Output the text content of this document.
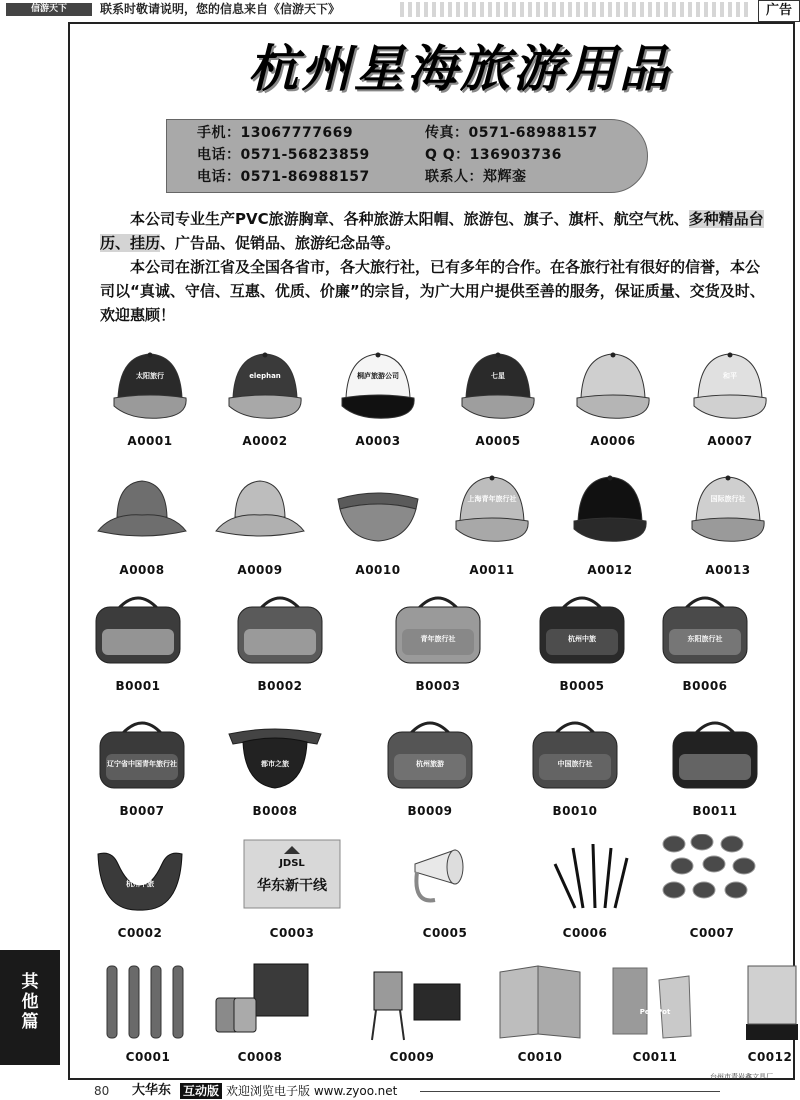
信游天下	联系时敬请说明，您的信息来自《信游天下》	广告
杭州星海旅游用品
手机：13067777669	传真：0571-68988157
电话：0571-56823859	Q Q：136903736
电话：0571-86988157	联系人：郑辉銮

本公司专业生产PVC旅游胸章、各种旅游太阳帽、旅游包、旗子、旗杆、航空气枕、多种精品台历、挂历、广告品、促销品、旅游纪念品等。

本公司在浙江省及全国各省市，各大旅行社，已有多年的合作。在各旅行社有很好的信誉，本公司以“真诚、守信、互惠、优质、价廉”的宗旨，为广大用户提供至善的服务，保证质量、交货及时、欢迎惠顾！

太阳旅行
A0001
elephan
A0002
桐庐旅游公司
A0003
七星
A0005	A0006
和平
A0007
A0008	A0009	A0010
上海青年旅行社
A0011	A0012
国际旅行社
A0013
B0001	B0002
青年旅行社
B0003
杭州中旅
B0005
东阳旅行社
B0006
辽宁省中国青年旅行社
B0007
都市之旅
B0008
杭州旅游
B0009
中国旅行社
B0010	B0011
杭州中旅
C0002
华东新干线
JDSL
C0003	C0005	C0006	C0007
C0001	C0008	C0009	C0010
Pen Pot
C0011	C0012
台州市青岩鑫文具厂
其
他
篇
80 大华东 互动版 欢迎浏览电子版 www.zyoo.net
